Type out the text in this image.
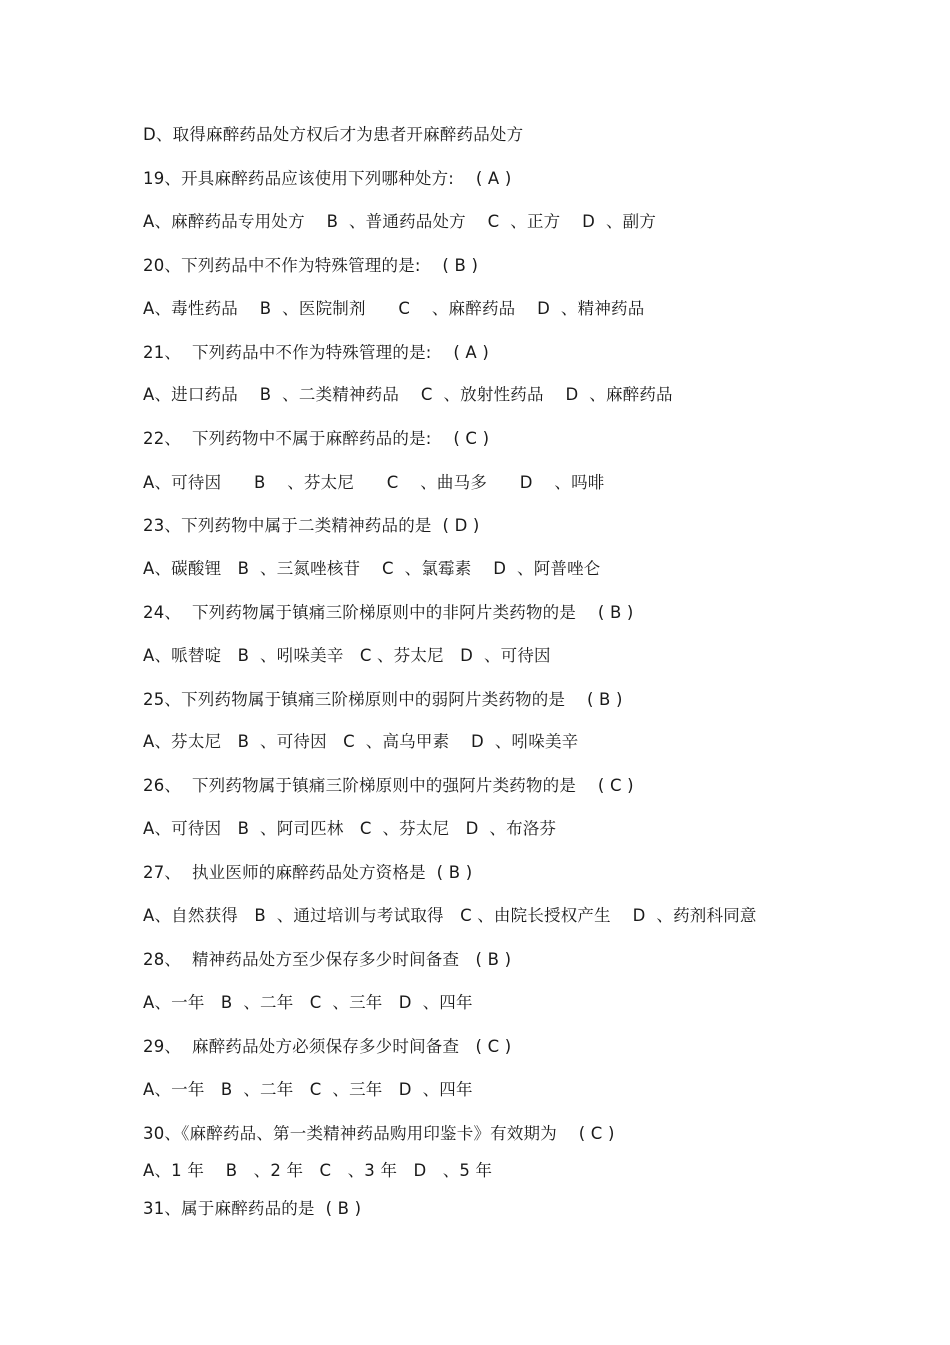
D、取得麻醉药品处方权后才为患者开麻醉药品处方
19、开具麻醉药品应该使用下列哪种处方:    ( A )
A、麻醉药品专用处方    B  、普通药品处方    C  、正方    D  、副方
20、下列药品中不作为特殊管理的是:    ( B )
A、毒性药品    B  、医院制剂      C    、麻醉药品    D  、精神药品
21、  下列药品中不作为特殊管理的是:    ( A )
A、进口药品    B  、二类精神药品    C  、放射性药品    D  、麻醉药品
22、  下列药物中不属于麻醉药品的是:    ( C )
A、可待因      B    、芬太尼      C    、曲马多      D    、吗啡
23、下列药物中属于二类精神药品的是  ( D )
A、碳酸锂   B  、三氮唑核苷    C  、氯霉素    D  、阿普唑仑
24、  下列药物属于镇痛三阶梯原则中的非阿片类药物的是    ( B )
A、哌替啶   B  、吲哚美辛   C 、芬太尼   D  、可待因
25、下列药物属于镇痛三阶梯原则中的弱阿片类药物的是    ( B )
A、芬太尼   B  、可待因   C  、高乌甲素    D  、吲哚美辛
26、  下列药物属于镇痛三阶梯原则中的强阿片类药物的是    ( C )
A、可待因   B  、阿司匹林   C  、芬太尼   D  、布洛芬
27、  执业医师的麻醉药品处方资格是  ( B )
A、自然获得   B  、通过培训与考试取得   C 、由院长授权产生    D  、药剂科同意
28、  精神药品处方至少保存多少时间备查   ( B )
A、一年   B  、二年   C  、三年   D  、四年
29、  麻醉药品处方必须保存多少时间备查   ( C )
A、一年   B  、二年   C  、三年   D  、四年
30、《麻醉药品、第一类精神药品购用印鉴卡》有效期为    ( C )
A、1 年    B   、2 年   C   、3 年   D   、5 年
31、属于麻醉药品的是  ( B )
